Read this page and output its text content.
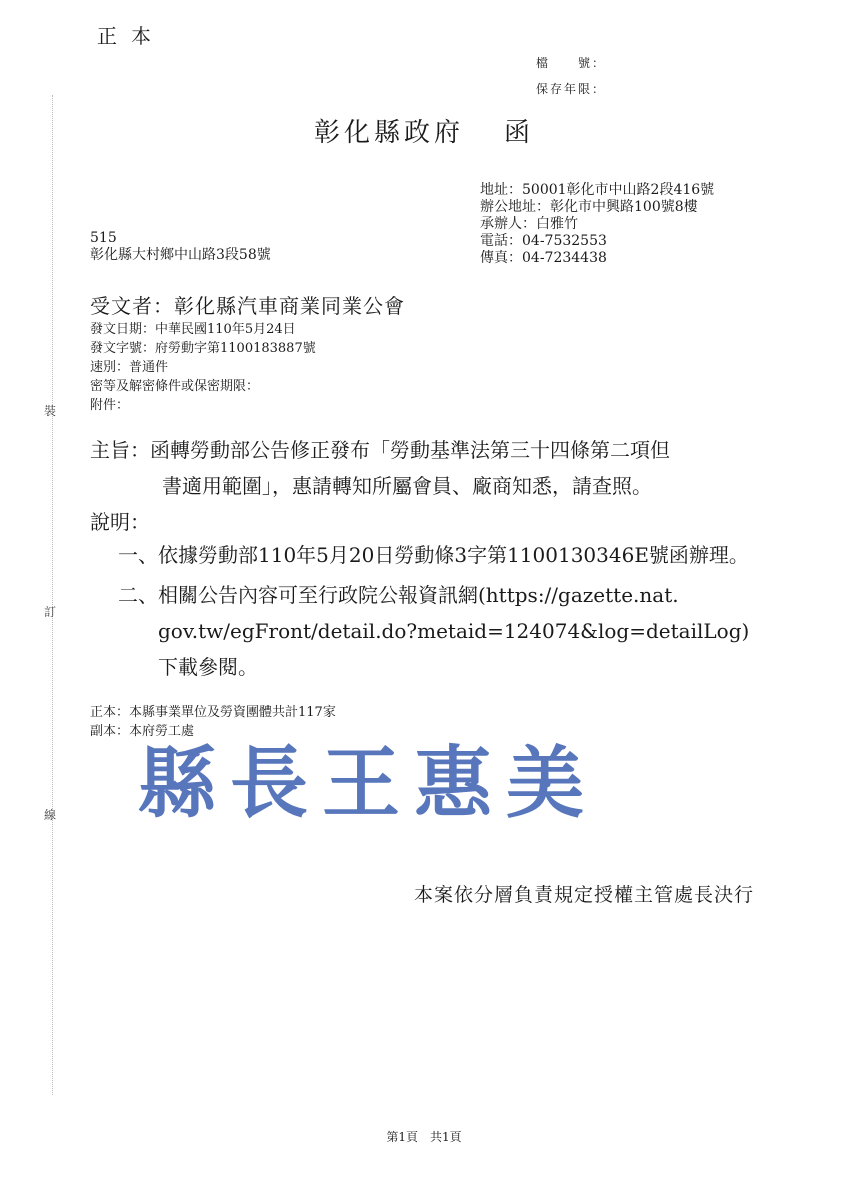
正本
檔　　號：
保存年限：
彰化縣政府 函
地址：50001彰化市中山路2段416號
辦公地址：彰化市中興路100號8樓
承辦人：白雅竹
電話：04-7532553
傳真：04-7234438
515
彰化縣大村鄉中山路3段58號
受文者：彰化縣汽車商業同業公會
發文日期：中華民國110年5月24日
發文字號：府勞動字第1100183887號
速別：普通件
密等及解密條件或保密期限：
附件：
裝
訂
線
主旨：函轉勞動部公告修正發布「勞動基準法第三十四條第二項但
書適用範圍」，惠請轉知所屬會員、廠商知悉，請查照。
說明：
一、依據勞動部110年5月20日勞動條3字第1100130346E號函辦理。
二、相關公告內容可至行政院公報資訊網(https://gazette.nat.
gov.tw/egFront/detail.do?metaid=124074&log=detailLog)
下載參閱。
正本：本縣事業單位及勞資團體共計117家
副本：本府勞工處
縣長王惠美
本案依分層負責規定授權主管處長決行
第1頁　共1頁
